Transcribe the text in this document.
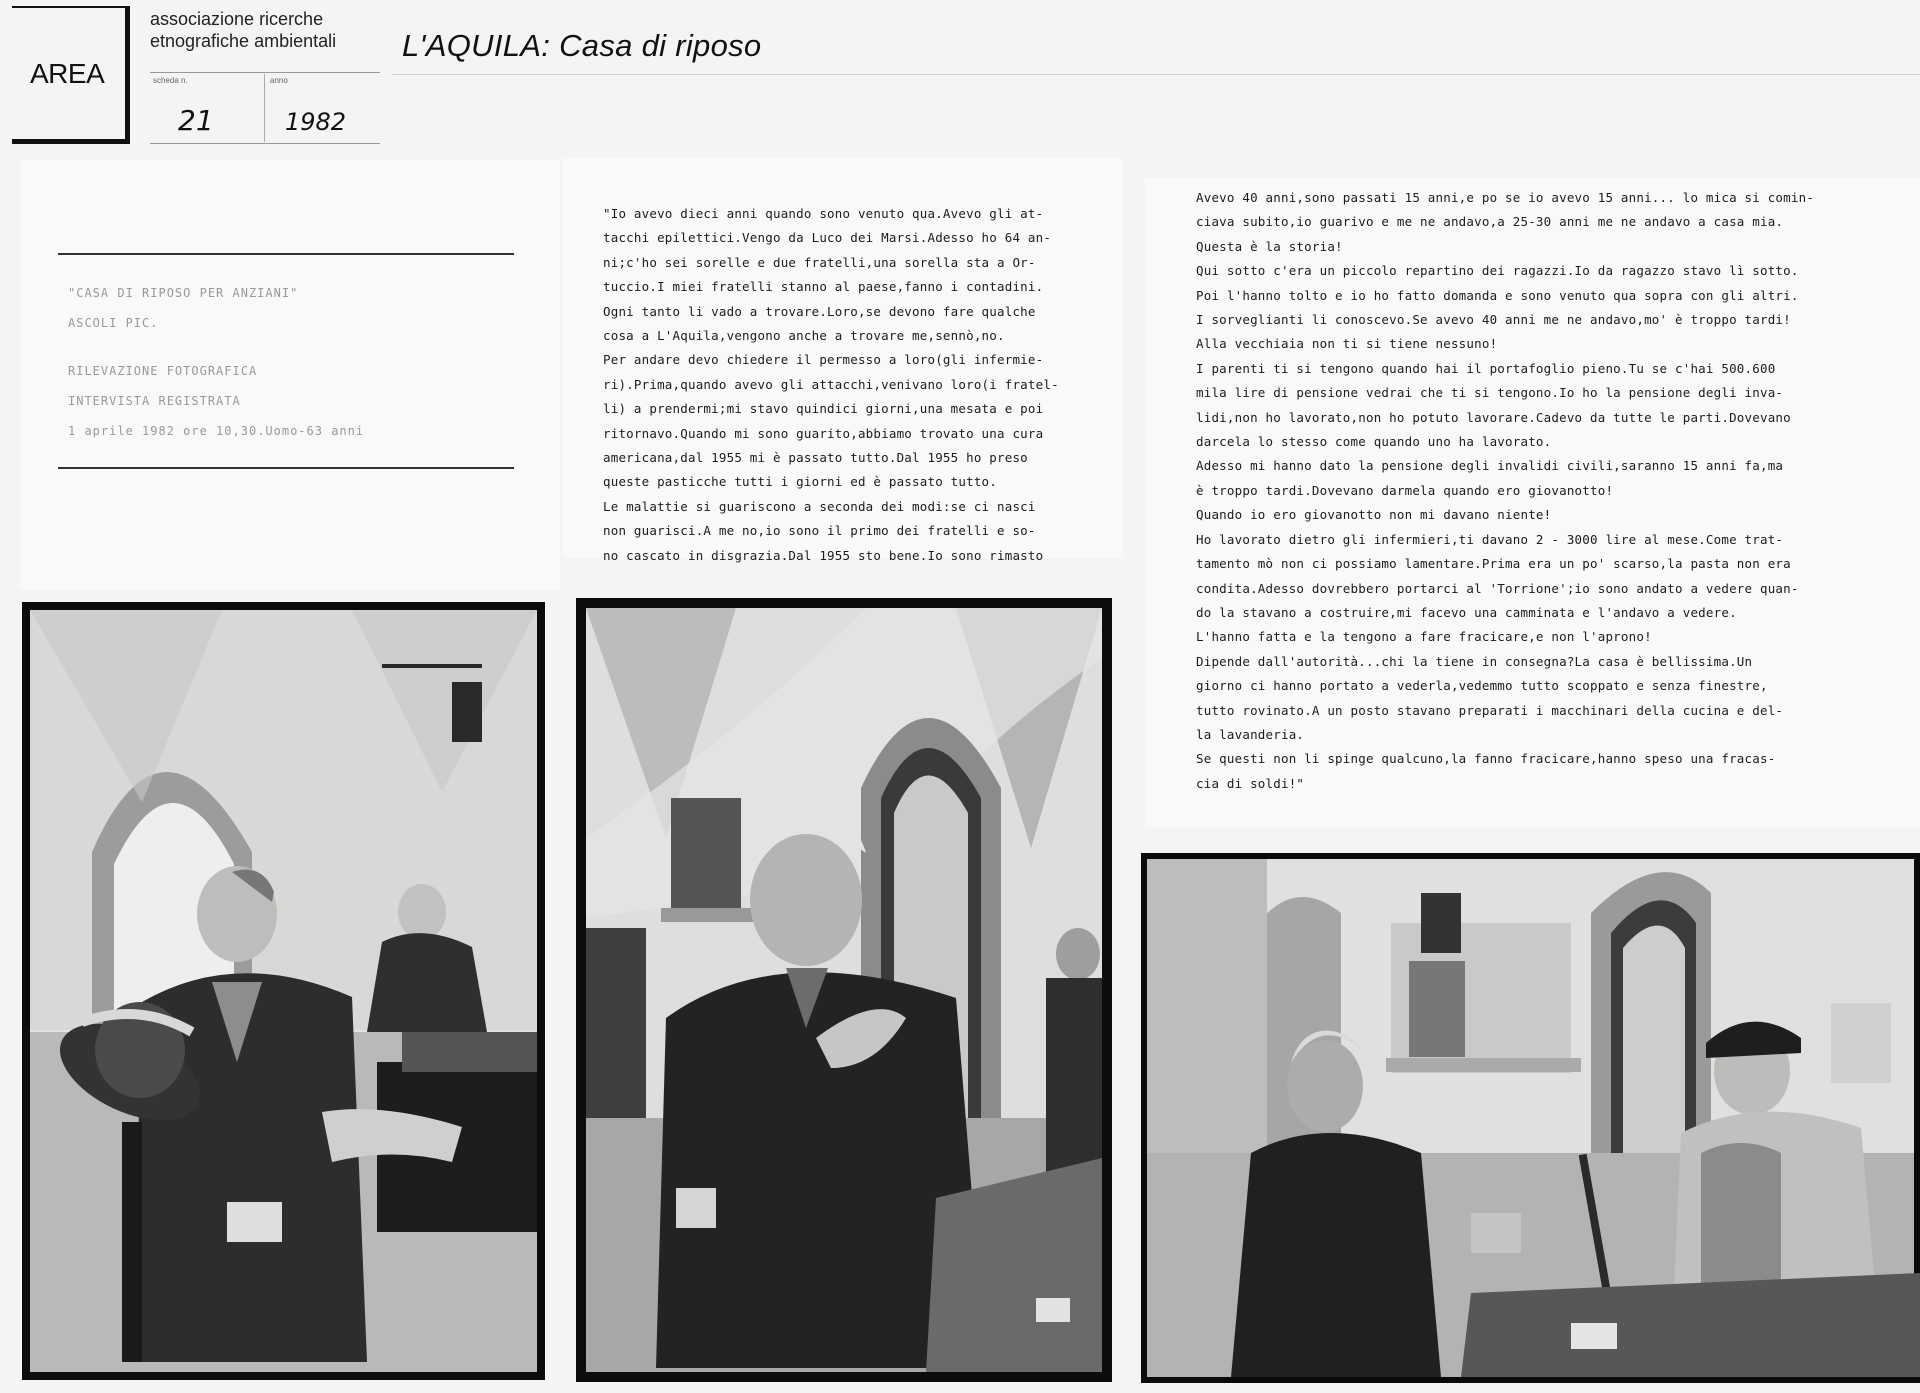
AREA
associazione ricerche
etnografiche ambientali
scheda n.
21
anno
1982
L'AQUILA: Casa di riposo
"CASA DI RIPOSO PER ANZIANI"
ASCOLI PIC.
RILEVAZIONE FOTOGRAFICA
INTERVISTA REGISTRATA
1 aprile 1982 ore 10,30.Uomo-63 anni
"Io avevo dieci anni quando sono venuto qua.Avevo gli at-
tacchi epilettici.Vengo da Luco dei Marsi.Adesso ho 64 an-
ni;c'ho sei sorelle e due fratelli,una sorella sta a Or-
tuccio.I miei fratelli stanno al paese,fanno i contadini.
Ogni tanto li vado a trovare.Loro,se devono fare qualche
cosa a L'Aquila,vengono anche a trovare me,sennò,no.
Per andare devo chiedere il permesso a loro(gli infermie-
ri).Prima,quando avevo gli attacchi,venivano loro(i fratel-
li) a prendermi;mi stavo quindici giorni,una mesata e poi
ritornavo.Quando mi sono guarito,abbiamo trovato una cura
americana,dal 1955 mi è passato tutto.Dal 1955 ho preso
queste pasticche tutti i giorni ed è passato tutto.
Le malattie si guariscono a seconda dei modi:se ci nasci
non guarisci.A me no,io sono il primo dei fratelli e so-
no cascato in disgrazia.Dal 1955 sto bene.Io sono rimasto
Avevo 40 anni,sono passati 15 anni,e po se io avevo 15 anni... lo mica si comin-
ciava subito,io guarivo e me ne andavo,a 25-30 anni me ne andavo a casa mia.
Questa è la storia!
Qui sotto c'era un piccolo repartino dei ragazzi.Io da ragazzo stavo lì sotto.
Poi l'hanno tolto e io ho fatto domanda e sono venuto qua sopra con gli altri.
I sorveglianti li conoscevo.Se avevo 40 anni me ne andavo,mo' è troppo tardi!
Alla vecchiaia non ti si tiene nessuno!
I parenti ti si tengono quando hai il portafoglio pieno.Tu se c'hai 500.600
mila lire di pensione vedrai che ti si tengono.Io ho la pensione degli inva-
lidi,non ho lavorato,non ho potuto lavorare.Cadevo da tutte le parti.Dovevano
darcela lo stesso come quando uno ha lavorato.
Adesso mi hanno dato la pensione degli invalidi civili,saranno 15 anni fa,ma
è troppo tardi.Dovevano darmela quando ero giovanotto!
Quando io ero giovanotto non mi davano niente!
Ho lavorato dietro gli infermieri,ti davano 2 - 3000 lire al mese.Come trat-
tamento mò non ci possiamo lamentare.Prima era un po' scarso,la pasta non era
condita.Adesso dovrebbero portarci al 'Torrione';io sono andato a vedere quan-
do la stavano a costruire,mi facevo una camminata e l'andavo a vedere.
L'hanno fatta e la tengono a fare fracicare,e non l'aprono!
Dipende dall'autorità...chi la tiene in consegna?La casa è bellissima.Un
giorno ci hanno portato a vederla,vedemmo tutto scoppato e senza finestre,
tutto rovinato.A un posto stavano preparati i macchinari della cucina e del-
la lavanderia.
Se questi non li spinge qualcuno,la fanno fracicare,hanno speso una fracas-
cia di soldi!"
